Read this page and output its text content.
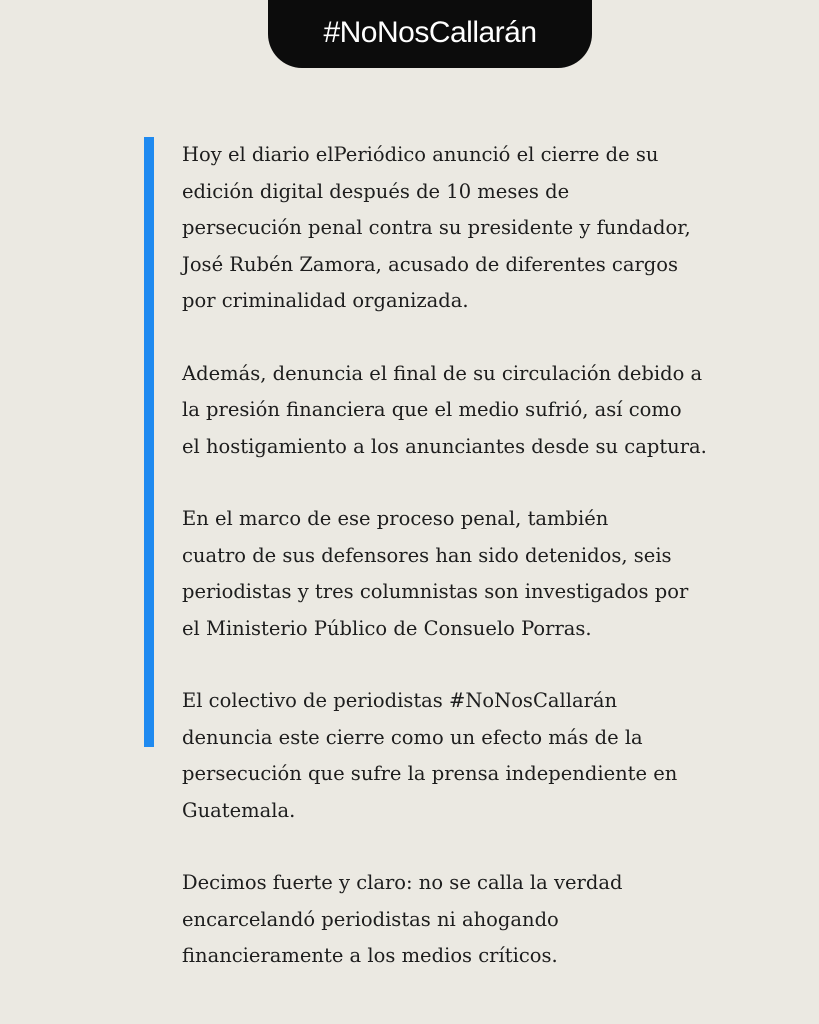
#NoNosCallarán

Hoy el diario elPeriódico anunció el cierre de su
edición digital después de 10 meses de
persecución penal contra su presidente y fundador,
José Rubén Zamora, acusado de diferentes cargos
por criminalidad organizada.

Además, denuncia el final de su circulación debido a
la presión financiera que el medio sufrió, así como
el hostigamiento a los anunciantes desde su captura.

En el marco de ese proceso penal, también
cuatro de sus defensores han sido detenidos, seis
periodistas y tres columnistas son investigados por
el Ministerio Público de Consuelo Porras.

El colectivo de periodistas #NoNosCallarán
denuncia este cierre como un efecto más de la
persecución que sufre la prensa independiente en
Guatemala.

Decimos fuerte y claro: no se calla la verdad
encarcelandó periodistas ni ahogando
financieramente a los medios críticos.
